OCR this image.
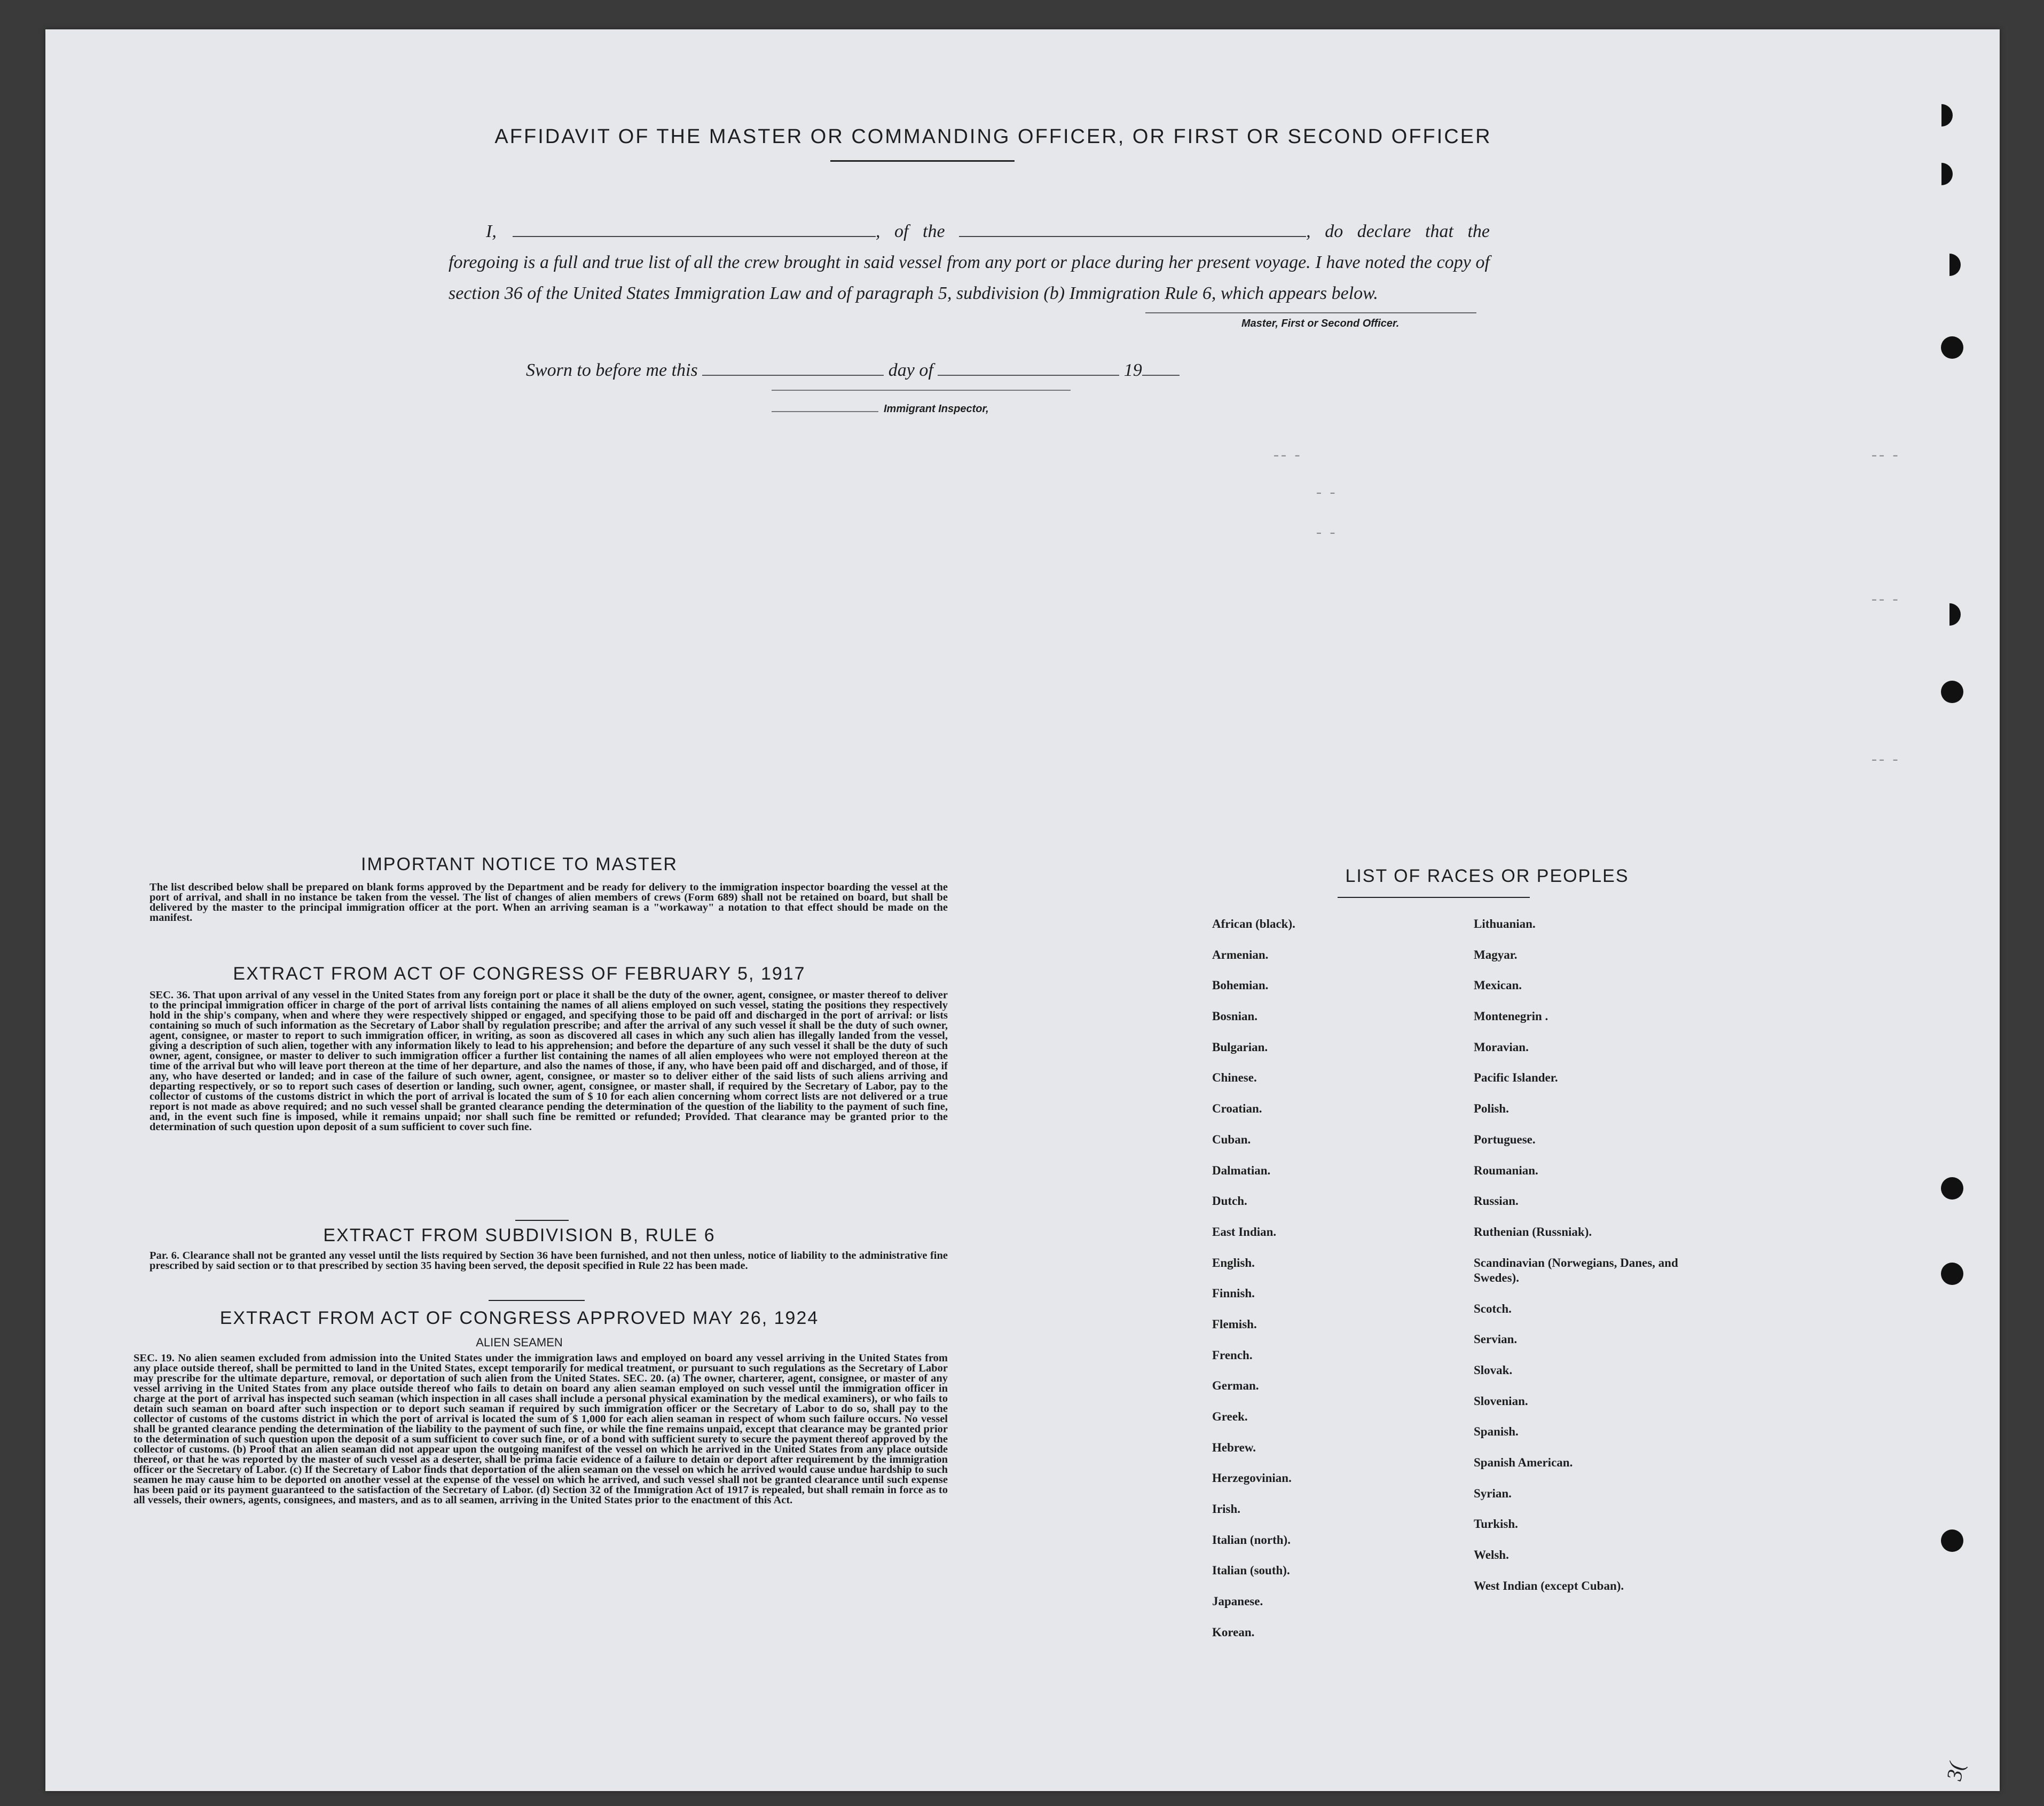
AFFIDAVIT OF THE MASTER OR COMMANDING OFFICER, OR FIRST OR SECOND OFFICER
I,	, of the	, do declare that the foregoing is a full and true list of all the crew brought in said vessel from any port or place during her present voyage. I have noted the copy of section 36 of the United States Immigration Law and of paragraph 5, subdivision (b) Immigration Rule 6, which appears below.
Master, First or Second Officer.
Sworn to before me this	day of	19
Immigrant Inspector,
-- -
- -
- -
-- -
-- -
-- -
IMPORTANT NOTICE TO MASTER
The list described below shall be prepared on blank forms approved by the Department and be ready for delivery to the immigration inspector boarding the vessel at the port of arrival, and shall in no instance be taken from the vessel. The list of changes of alien members of crews (Form 689) shall not be retained on board, but shall be delivered by the master to the principal immigration officer at the port. When an arriving seaman is a "workaway" a notation to that effect should be made on the manifest.
EXTRACT FROM ACT OF CONGRESS OF FEBRUARY 5, 1917
SEC. 36. That upon arrival of any vessel in the United States from any foreign port or place it shall be the duty of the owner, agent, consignee, or master thereof to deliver to the principal immigration officer in charge of the port of arrival lists containing the names of all aliens employed on such vessel, stating the positions they respectively hold in the ship's company, when and where they were respectively shipped or engaged, and specifying those to be paid off and discharged in the port of arrival: or lists containing so much of such information as the Secretary of Labor shall by regulation prescribe; and after the arrival of any such vessel it shall be the duty of such owner, agent, consignee, or master to report to such immigration officer, in writing, as soon as discovered all cases in which any such alien has illegally landed from the vessel, giving a description of such alien, together with any information likely to lead to his apprehension; and before the departure of any such vessel it shall be the duty of such owner, agent, consignee, or master to deliver to such immigration officer a further list containing the names of all alien employees who were not employed thereon at the time of the arrival but who will leave port thereon at the time of her departure, and also the names of those, if any, who have been paid off and discharged, and of those, if any, who have deserted or landed; and in case of the failure of such owner, agent, consignee, or master so to deliver either of the said lists of such aliens arriving and departing respectively, or so to report such cases of desertion or landing, such owner, agent, consignee, or master shall, if required by the Secretary of Labor, pay to the collector of customs of the customs district in which the port of arrival is located the sum of $ 10 for each alien concerning whom correct lists are not delivered or a true report is not made as above required; and no such vessel shall be granted clearance pending the determination of the question of the liability to the payment of such fine, and, in the event such fine is imposed, while it remains unpaid; nor shall such fine be remitted or refunded; Provided. That clearance may be granted prior to the determination of such question upon deposit of a sum sufficient to cover such fine.
EXTRACT FROM SUBDIVISION B, RULE 6
Par. 6. Clearance shall not be granted any vessel until the lists required by Section 36 have been furnished, and not then unless, notice of liability to the administrative fine prescribed by said section or to that prescribed by section 35 having been served, the deposit specified in Rule 22 has been made.
EXTRACT FROM ACT OF CONGRESS APPROVED MAY 26, 1924
ALIEN SEAMEN
SEC. 19. No alien seamen excluded from admission into the United States under the immigration laws and employed on board any vessel arriving in the United States from any place outside thereof, shall be permitted to land in the United States, except temporarily for medical treatment, or pursuant to such regulations as the Secretary of Labor may prescribe for the ultimate departure, removal, or deportation of such alien from the United States. SEC. 20. (a) The owner, charterer, agent, consignee, or master of any vessel arriving in the United States from any place outside thereof who fails to detain on board any alien seaman employed on such vessel until the immigration officer in charge at the port of arrival has inspected such seaman (which inspection in all cases shall include a personal physical examination by the medical examiners), or who fails to detain such seaman on board after such inspection or to deport such seaman if required by such immigration officer or the Secretary of Labor to do so, shall pay to the collector of customs of the customs district in which the port of arrival is located the sum of $ 1,000 for each alien seaman in respect of whom such failure occurs. No vessel shall be granted clearance pending the determination of the liability to the payment of such fine, or while the fine remains unpaid, except that clearance may be granted prior to the determination of such question upon the deposit of a sum sufficient to cover such fine, or of a bond with sufficient surety to secure the payment thereof approved by the collector of customs. (b) Proof that an alien seaman did not appear upon the outgoing manifest of the vessel on which he arrived in the United States from any place outside thereof, or that he was reported by the master of such vessel as a deserter, shall be prima facie evidence of a failure to detain or deport after requirement by the immigration officer or the Secretary of Labor. (c) If the Secretary of Labor finds that deportation of the alien seaman on the vessel on which he arrived would cause undue hardship to such seamen he may cause him to be deported on another vessel at the expense of the vessel on which he arrived, and such vessel shall not be granted clearance until such expense has been paid or its payment guaranteed to the satisfaction of the Secretary of Labor. (d) Section 32 of the Immigration Act of 1917 is repealed, but shall remain in force as to all vessels, their owners, agents, consignees, and masters, and as to all seamen, arriving in the United States prior to the enactment of this Act.
LIST OF RACES OR PEOPLES
African (black).
Armenian.
Bohemian.
Bosnian.
Bulgarian.
Chinese.
Croatian.
Cuban.
Dalmatian.
Dutch.
East Indian.
English.
Finnish.
Flemish.
French.
German.
Greek.
Hebrew.
Herzegovinian.
Irish.
Italian (north).
Italian (south).
Japanese.
Korean.
Lithuanian.
Magyar.
Mexican.
Montenegrin .
Moravian.
Pacific Islander.
Polish.
Portuguese.
Roumanian.
Russian.
Ruthenian (Russniak).
Scandinavian (Norwegians, Danes, and Swedes).
Scotch.
Servian.
Slovak.
Slovenian.
Spanish.
Spanish American.
Syrian.
Turkish.
Welsh.
West Indian (except Cuban).
3(
